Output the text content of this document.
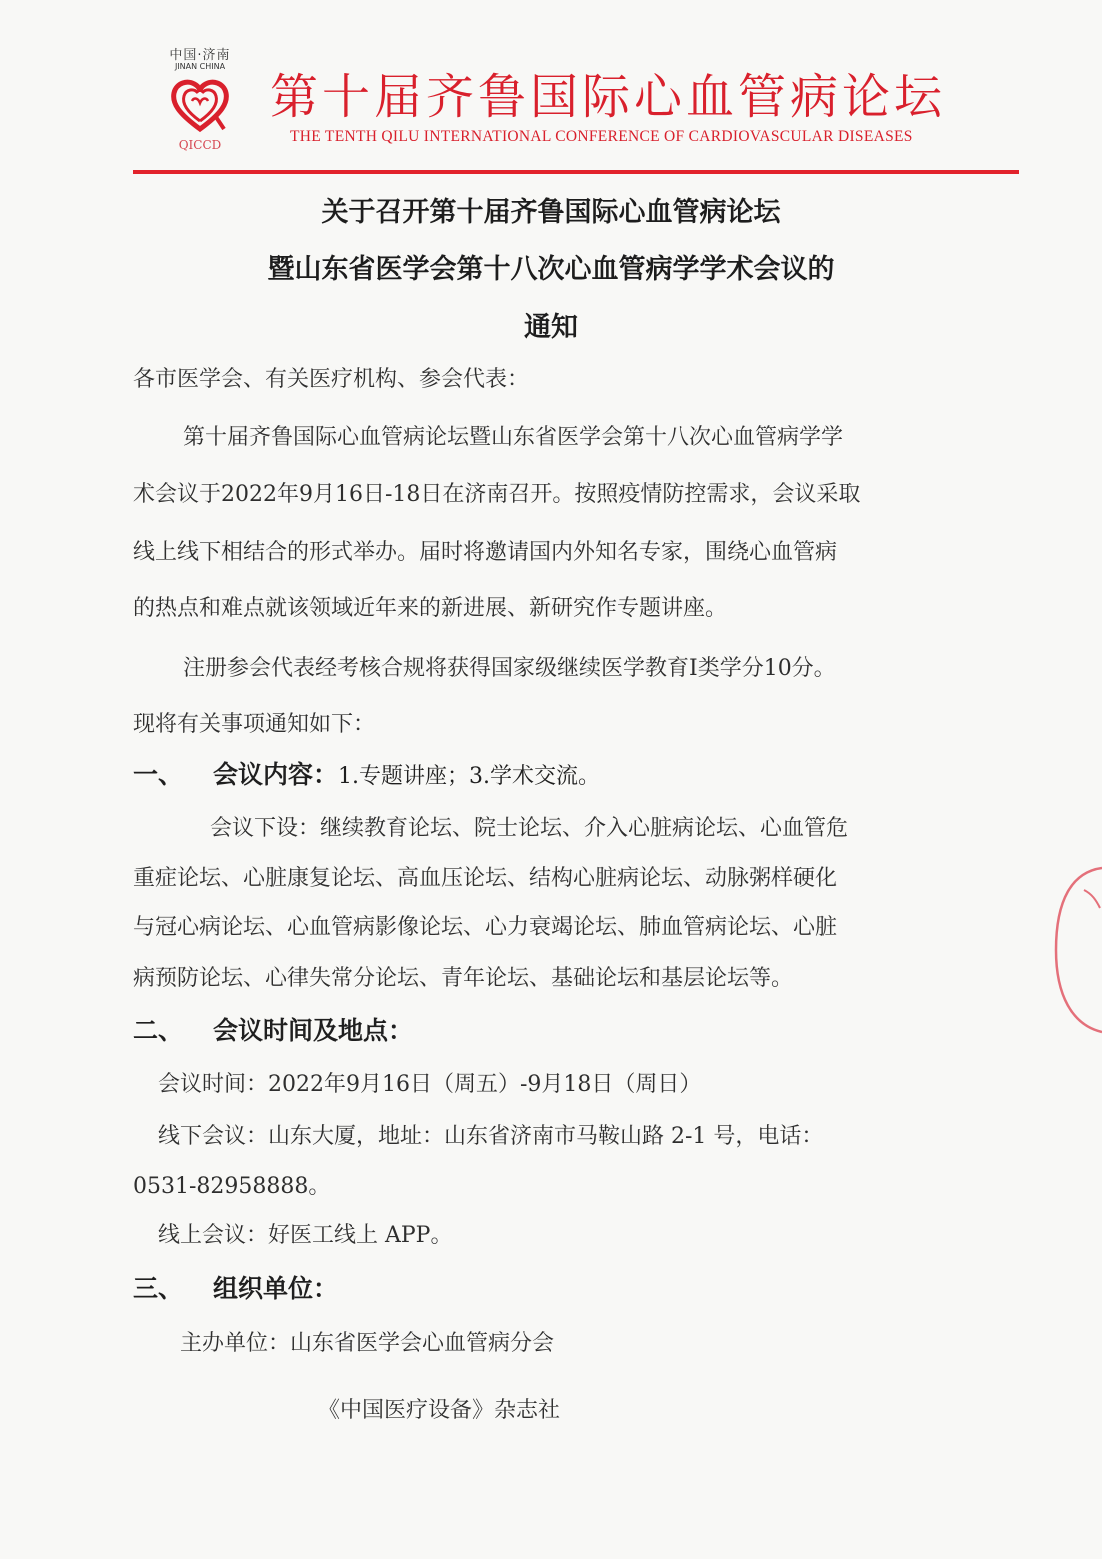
中国·济南
JINAN CHINA
QICCD
第十届齐鲁国际心血管病论坛
THE TENTH QILU INTERNATIONAL CONFERENCE OF CARDIOVASCULAR DISEASES
关于召开第十届齐鲁国际心血管病论坛
暨山东省医学会第十八次心血管病学学术会议的
通知
各市医学会、有关医疗机构、参会代表：
第十届齐鲁国际心血管病论坛暨山东省医学会第十八次心血管病学学
术会议于2022年9月16日-18日在济南召开。按照疫情防控需求，会议采取
线上线下相结合的形式举办。届时将邀请国内外知名专家，围绕心血管病
的热点和难点就该领域近年来的新进展、新研究作专题讲座。
注册参会代表经考核合规将获得国家级继续医学教育Ⅰ类学分10分。
现将有关事项通知如下：
一、 会议内容：1.专题讲座；3.学术交流。
会议下设：继续教育论坛、院士论坛、介入心脏病论坛、心血管危
重症论坛、心脏康复论坛、高血压论坛、结构心脏病论坛、动脉粥样硬化
与冠心病论坛、心血管病影像论坛、心力衰竭论坛、肺血管病论坛、心脏
病预防论坛、心律失常分论坛、青年论坛、基础论坛和基层论坛等。
二、 会议时间及地点：
会议时间：2022年9月16日（周五）-9月18日（周日）
线下会议：山东大厦，地址：山东省济南市马鞍山路 2-1 号，电话：
0531-82958888。
线上会议：好医工线上 APP。
三、 组织单位：
主办单位：山东省医学会心血管病分会
《中国医疗设备》杂志社
